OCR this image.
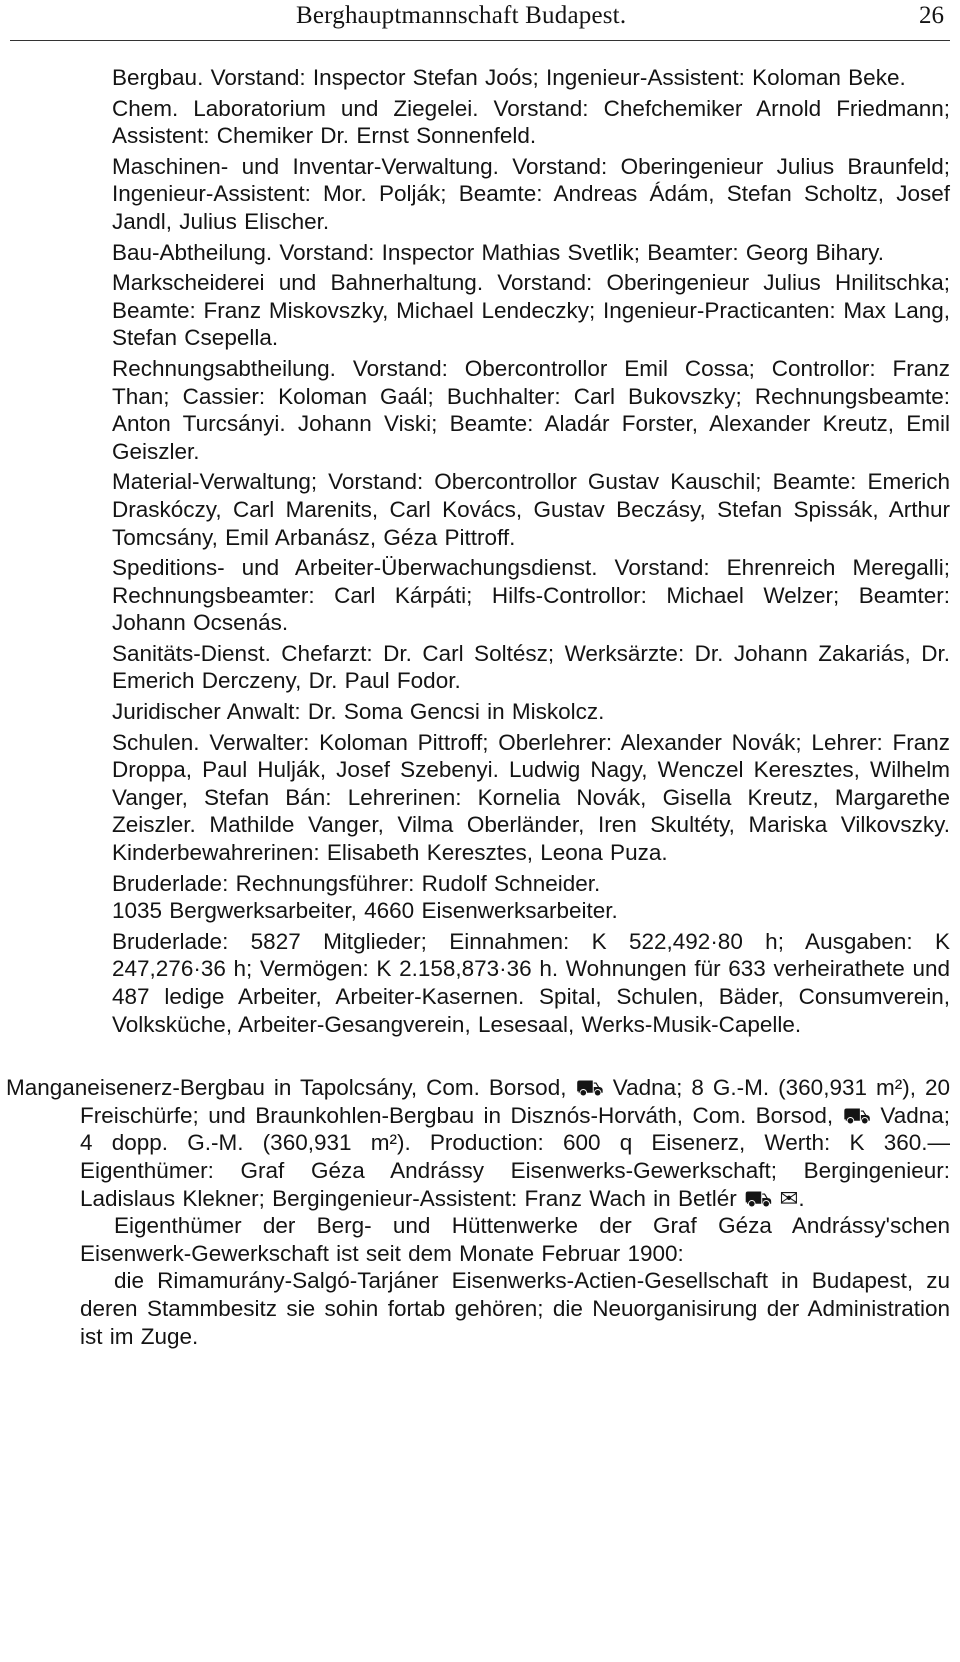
Berghauptmannschaft Budapest.	26

Bergbau. Vorstand: Inspector Stefan Joós; Ingenieur-Assistent: Koloman Beke.

Chem. Laboratorium und Ziegelei. Vorstand: Chefchemiker Arnold Friedmann; Assistent: Chemiker Dr. Ernst Sonnenfeld.

Maschinen- und Inventar-Verwaltung. Vorstand: Oberingenieur Julius Braunfeld; Ingenieur-Assistent: Mor. Polják; Beamte: Andreas Ádám, Stefan Scholtz, Josef Jandl, Julius Elischer.

Bau-Abtheilung. Vorstand: Inspector Mathias Svetlik; Beamter: Georg Bihary.

Markscheiderei und Bahnerhaltung. Vorstand: Oberingenieur Julius Hnilitschka; Beamte: Franz Miskovszky, Michael Lendeczky; Ingenieur-Practicanten: Max Lang, Stefan Csepella.

Rechnungsabtheilung. Vorstand: Obercontrollor Emil Cossa; Controllor: Franz Than; Cassier: Koloman Gaál; Buchhalter: Carl Bukovszky; Rechnungsbeamte: Anton Turcsányi. Johann Viski; Beamte: Aladár Forster, Alexander Kreutz, Emil Geiszler.

Material-Verwaltung; Vorstand: Obercontrollor Gustav Kauschil; Beamte: Emerich Draskóczy, Carl Marenits, Carl Kovács, Gustav Beczásy, Stefan Spissák, Arthur Tomcsány, Emil Arbanász, Géza Pittroff.

Speditions- und Arbeiter-Überwachungsdienst. Vorstand: Ehrenreich Meregalli; Rechnungsbeamter: Carl Kárpáti; Hilfs-Controllor: Michael Welzer; Beamter: Johann Ocsenás.

Sanitäts-Dienst. Chefarzt: Dr. Carl Soltész; Werksärzte: Dr. Johann Zakariás, Dr. Emerich Derczeny, Dr. Paul Fodor.

Juridischer Anwalt: Dr. Soma Gencsi in Miskolcz.

Schulen. Verwalter: Koloman Pittroff; Oberlehrer: Alexander Novák; Lehrer: Franz Droppa, Paul Hulják, Josef Szebenyi. Ludwig Nagy, Wenczel Keresztes, Wilhelm Vanger, Stefan Bán: Lehrerinen: Kornelia Novák, Gisella Kreutz, Margarethe Zeiszler. Mathilde Vanger, Vilma Oberländer, Iren Skultéty, Mariska Vilkovszky. Kinderbewahrerinen: Elisabeth Keresztes, Leona Puza.

Bruderlade: Rechnungsführer: Rudolf Schneider.

1035 Bergwerksarbeiter, 4660 Eisenwerksarbeiter.

Bruderlade: 5827 Mitglieder; Einnahmen: K 522,492·80 h; Ausgaben: K 247,276·36 h; Vermögen: K 2.158,873·36 h. Wohnungen für 633 verheirathete und 487 ledige Arbeiter, Arbeiter-Kasernen. Spital, Schulen, Bäder, Consumverein, Volksküche, Arbeiter-Gesangverein, Lesesaal, Werks-Musik-Capelle.

Manganeisenerz-Bergbau in Tapolcsány, Com. Borsod, ⛟ Vadna; 8 G.-M. (360,931 m²), 20 Freischürfe; und Braunkohlen-Bergbau in Disznós-Horváth, Com. Borsod, ⛟ Vadna; 4 dopp. G.-M. (360,931 m²). Production: 600 q Eisenerz, Werth: K 360.— Eigenthümer: Graf Géza Andrássy Eisenwerks-Gewerkschaft; Bergingenieur: Ladislaus Klekner; Bergingenieur-Assistent: Franz Wach in Betlér ⛟ ✉.

Eigenthümer der Berg- und Hüttenwerke der Graf Géza Andrássy'schen Eisenwerk-Gewerkschaft ist seit dem Monate Februar 1900:

die Rimamurány-Salgó-Tarjáner Eisenwerks-Actien-Gesellschaft in Budapest, zu deren Stammbesitz sie sohin fortab gehören; die Neuorganisirung der Administration ist im Zuge.
